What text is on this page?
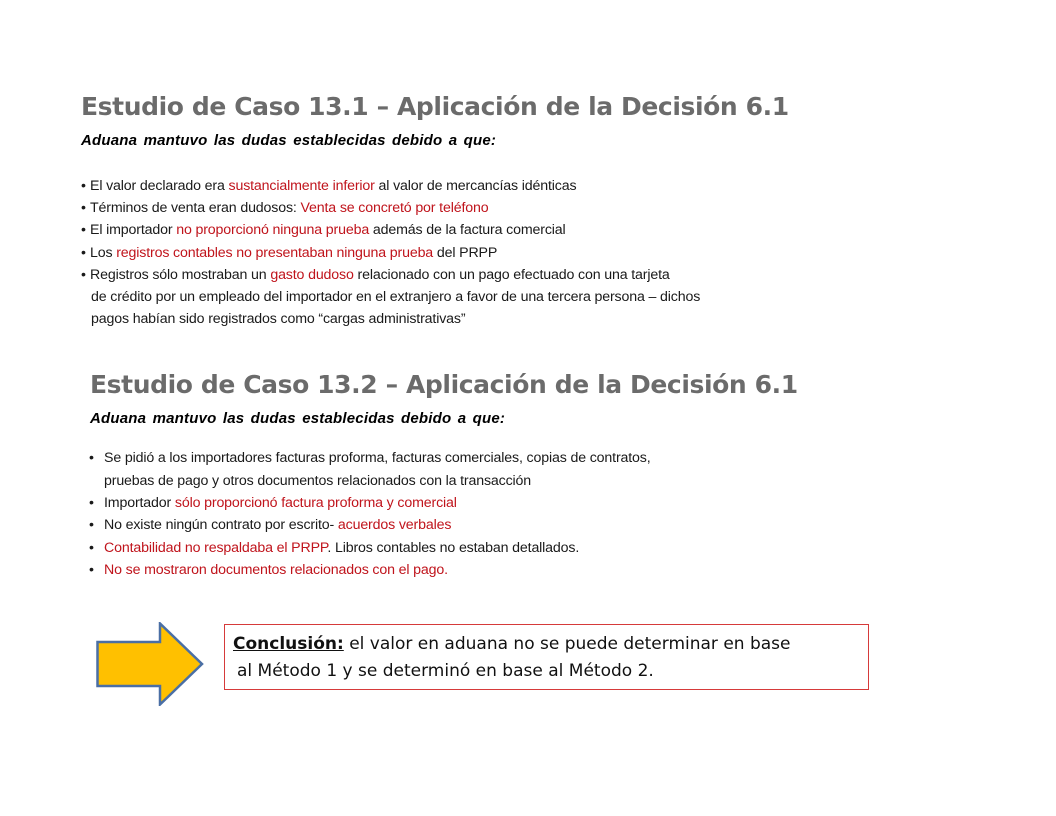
Estudio de Caso 13.1 – Aplicación de la Decisión 6.1
Aduana mantuvo las dudas establecidas debido a que:
• El valor declarado era sustancialmente inferior al valor de mercancías idénticas
• Términos de venta eran dudosos: Venta se concretó por teléfono
• El importador no proporcionó ninguna prueba además de la factura comercial
• Los registros contables no presentaban ninguna prueba del PRPP
• Registros sólo mostraban un gasto dudoso relacionado con un pago efectuado con una tarjeta
de crédito por un empleado del importador en el extranjero a favor de una tercera persona – dichos
pagos habían sido registrados como “cargas administrativas”
Estudio de Caso 13.2 – Aplicación de la Decisión 6.1
Aduana mantuvo las dudas establecidas debido a que:
• Se pidió a los importadores facturas proforma, facturas comerciales, copias de contratos,
pruebas de pago y otros documentos relacionados con la transacción
• Importador sólo proporcionó factura proforma y comercial
• No existe ningún contrato por escrito- acuerdos verbales
• Contabilidad no respaldaba el PRPP. Libros contables no estaban detallados.
• No se mostraron documentos relacionados con el pago.
Conclusión: el valor en aduana no se puede determinar en base
al Método 1 y se determinó en base al Método 2.
